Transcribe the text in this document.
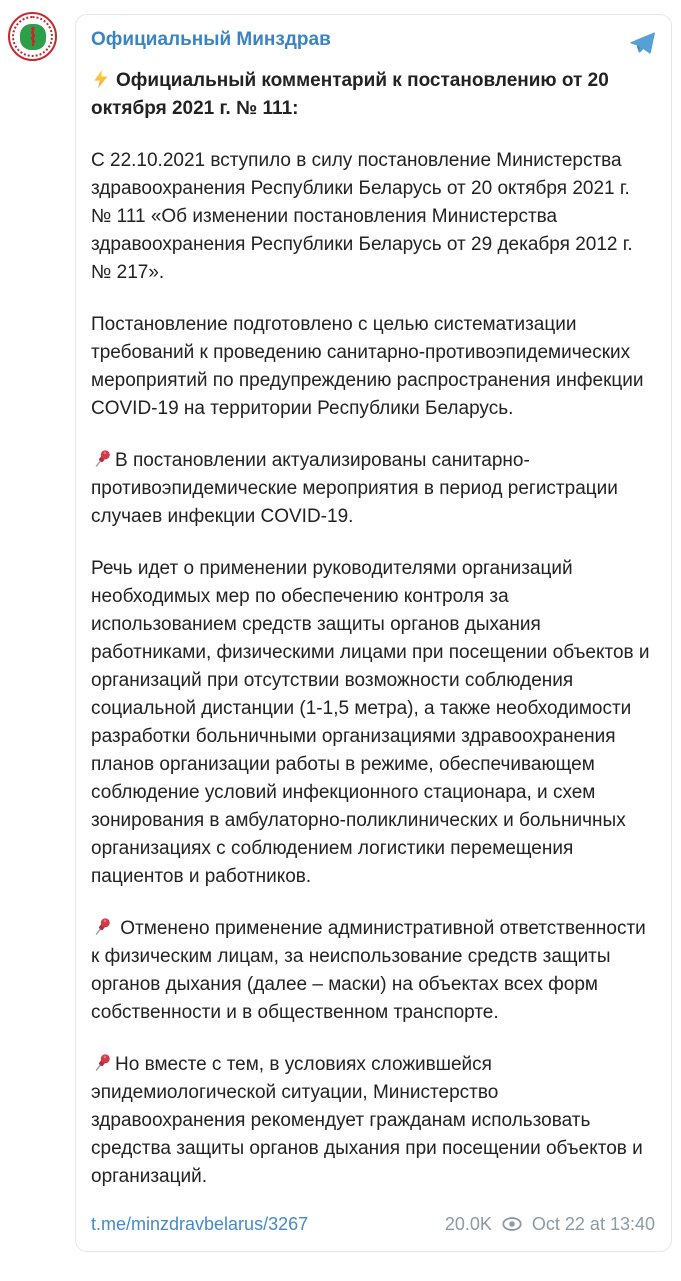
Официальный Минздрав
Официальный комментарий к постановлению от 20 октября 2021 г. № 111:
С 22.10.2021 вступило в силу постановление Министерства здравоохранения Республики Беларусь от 20 октября 2021 г. № 111 «Об изменении постановления Министерства здравоохранения Республики Беларусь от 29 декабря 2012 г. № 217».
Постановление подготовлено с целью систематизации требований к проведению санитарно-противоэпидемических мероприятий по предупреждению распространения инфекции COVID-19 на территории Республики Беларусь.
В постановлении актуализированы санитарно-противоэпидемические мероприятия в период регистрации случаев инфекции COVID-19.
Речь идет о применении руководителями организаций необходимых мер по обеспечению контроля за использованием средств защиты органов дыхания работниками, физическими лицами при посещении объектов и организаций при отсутствии возможности соблюдения социальной дистанции (1-1,5 метра), а также необходимости разработки больничными организациями здравоохранения планов организации работы в режиме, обеспечивающем соблюдение условий инфекционного стационара, и схем зонирования в амбулаторно-поликлинических и больничных организациях с соблюдением логистики перемещения пациентов и работников.
Отменено применение административной ответственности к физическим лицам, за неиспользование средств защиты органов дыхания (далее – маски) на объектах всех форм собственности и в общественном транспорте.
Но вместе с тем, в условиях сложившейся эпидемиологической ситуации, Министерство здравоохранения рекомендует гражданам использовать средства защиты органов дыхания при посещении объектов и организаций.
t.me/minzdravbelarus/3267	20.0K Oct 22 at 13:40
